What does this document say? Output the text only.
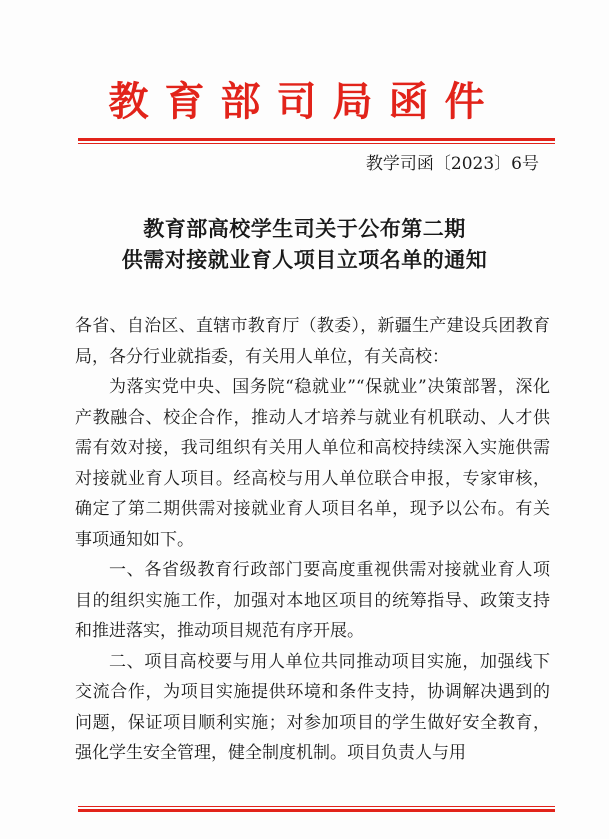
教育部司局函件
教学司函〔2023〕6号
教育部高校学生司关于公布第二期
供需对接就业育人项目立项名单的通知

各省、自治区、直辖市教育厅（教委），新疆生产建设兵团教育局，各分行业就指委，有关用人单位，有关高校：

为落实党中央、国务院“稳就业”“保就业”决策部署，深化产教融合、校企合作，推动人才培养与就业有机联动、人才供需有效对接，我司组织有关用人单位和高校持续深入实施供需对接就业育人项目。经高校与用人单位联合申报，专家审核，确定了第二期供需对接就业育人项目名单，现予以公布。有关事项通知如下。

一、各省级教育行政部门要高度重视供需对接就业育人项目的组织实施工作，加强对本地区项目的统筹指导、政策支持和推进落实，推动项目规范有序开展。

二、项目高校要与用人单位共同推动项目实施，加强线下交流合作，为项目实施提供环境和条件支持，协调解决遇到的问题，保证项目顺利实施；对参加项目的学生做好安全教育，强化学生安全管理，健全制度机制。项目负责人与用
